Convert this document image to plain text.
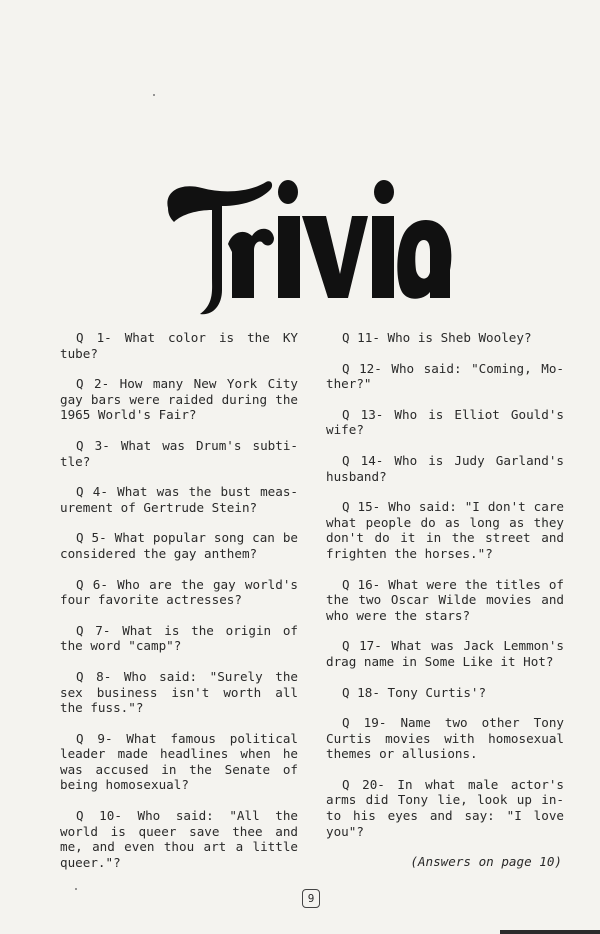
Q 1- What color is the KY tube?

Q 2- How many New York City gay bars were raided during the 1965 World's Fair?

Q 3- What was Drum's subti- tle?

Q 4- What was the bust meas- urement of Gertrude Stein?

Q 5- What popular song can be considered the gay anthem?

Q 6- Who are the gay world's four favorite actresses?

Q 7- What is the origin of the word "camp"?

Q 8- Who said: "Surely the sex business isn't worth all the fuss."?

Q 9- What famous political leader made headlines when he was accused in the Senate of being homosexual?

Q 10- Who said: "All the world is queer save thee and me, and even thou art a little queer."?

Q 11- Who is Sheb Wooley?

Q 12- Who said: "Coming, Mo- ther?"

Q 13- Who is Elliot Gould's wife?

Q 14- Who is Judy Garland's husband?

Q 15- Who said: "I don't care what people do as long as they don't do it in the street and frighten the horses."?

Q 16- What were the titles of the two Oscar Wilde movies and who were the stars?

Q 17- What was Jack Lemmon's drag name in Some Like it Hot?

Q 18- Tony Curtis'?

Q 19- Name two other Tony Curtis movies with homosexual themes or allusions.

Q 20- In what male actor's arms did Tony lie, look up in- to his eyes and say: "I love you"?

(Answers on page 10)
9
